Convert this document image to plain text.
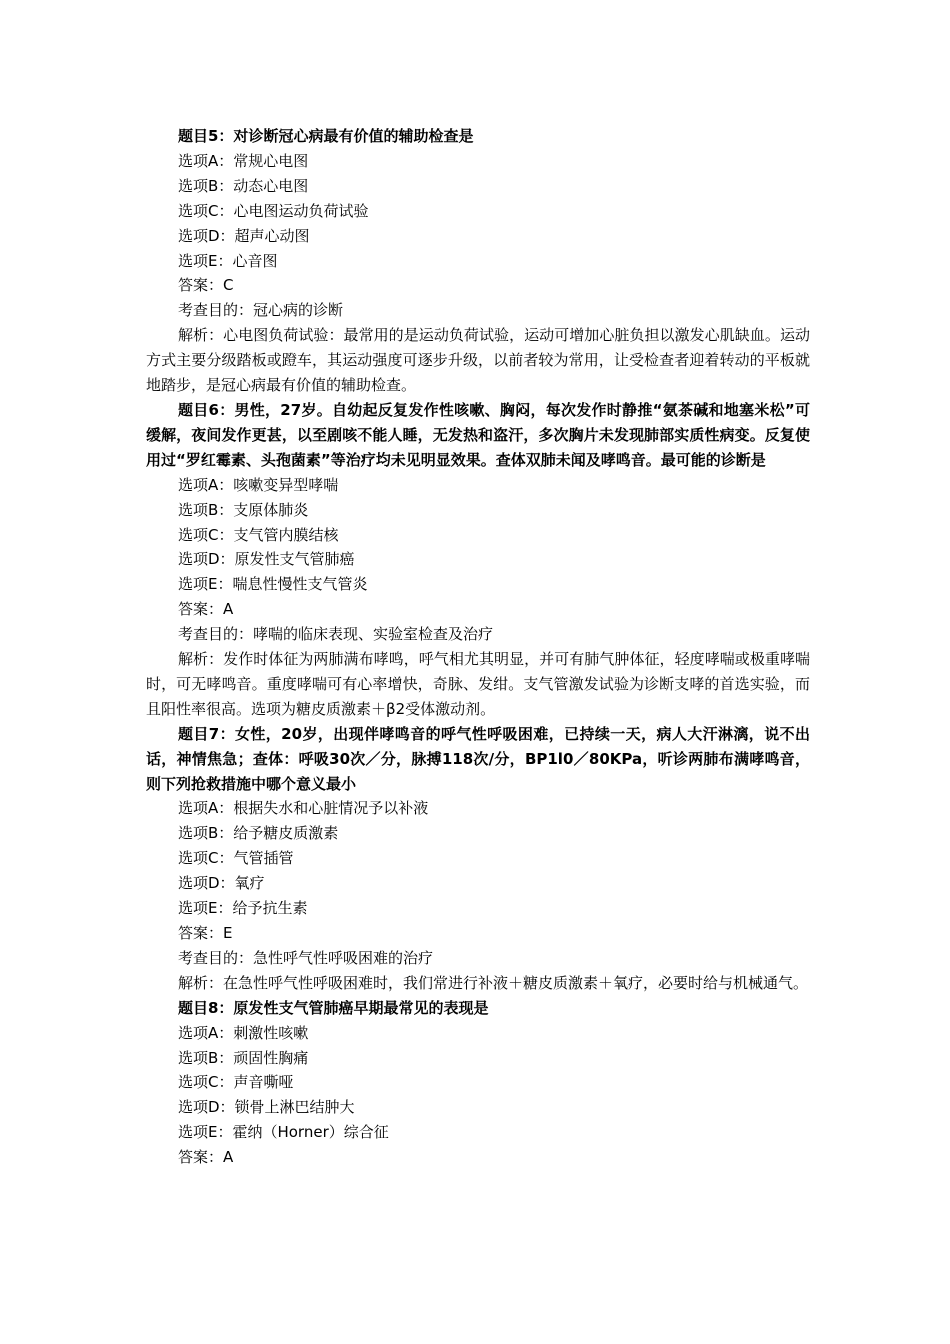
题目5：对诊断冠心病最有价值的辅助检查是
选项A：常规心电图
选项B：动态心电图
选项C：心电图运动负荷试验
选项D：超声心动图
选项E：心音图
答案：C
考查目的：冠心病的诊断
解析：心电图负荷试验：最常用的是运动负荷试验，运动可增加心脏负担以激发心肌缺血。运动方式主要分级踏板或蹬车，其运动强度可逐步升级，以前者较为常用，让受检查者迎着转动的平板就地踏步，是冠心病最有价值的辅助检查。
题目6：男性，27岁。自幼起反复发作性咳嗽、胸闷，每次发作时静推“氨茶碱和地塞米松”可缓解，夜间发作更甚，以至剧咳不能人睡，无发热和盗汗，多次胸片未发现肺部实质性病变。反复使用过“罗红霉素、头孢菌素”等治疗均未见明显效果。查体双肺未闻及哮鸣音。最可能的诊断是
选项A：咳嗽变异型哮喘
选项B：支原体肺炎
选项C：支气管内膜结核
选项D：原发性支气管肺癌
选项E：喘息性慢性支气管炎
答案：A
考查目的：哮喘的临床表现、实验室检查及治疗
解析：发作时体征为两肺满布哮鸣，呼气相尤其明显，并可有肺气肿体征，轻度哮喘或极重哮喘时，可无哮鸣音。重度哮喘可有心率增快，奇脉、发绀。支气管激发试验为诊断支哮的首选实验，而且阳性率很高。选项为糖皮质激素＋β2受体激动剂。
题目7：女性，20岁，出现伴哮鸣音的呼气性呼吸困难，已持续一天，病人大汗淋漓，说不出话，神情焦急；查体：呼吸30次／分，脉搏118次/分，BP1l0／80KPa，听诊两肺布满哮鸣音，则下列抢救措施中哪个意义最小
选项A：根据失水和心脏情况予以补液
选项B：给予糖皮质激素
选项C：气管插管
选项D：氧疗
选项E：给予抗生素
答案：E
考查目的：急性呼气性呼吸困难的治疗
解析：在急性呼气性呼吸困难时，我们常进行补液＋糖皮质激素＋氧疗，必要时给与机械通气。
题目8：原发性支气管肺癌早期最常见的表现是
选项A：刺激性咳嗽
选项B：顽固性胸痛
选项C：声音嘶哑
选项D：锁骨上淋巴结肿大
选项E：霍纳（Horner）综合征
答案：A
